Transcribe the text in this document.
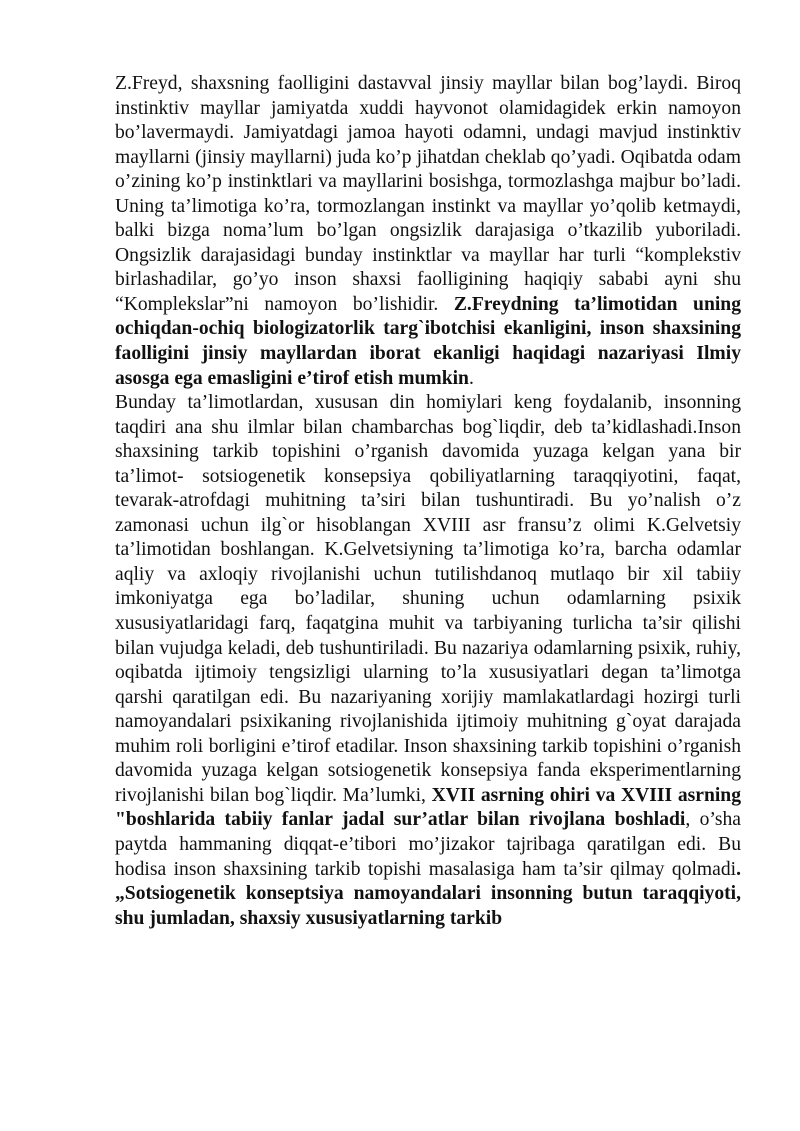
Z.Freyd, shaxsning faolligini dastavval jinsiy mayllar bilan bog’laydi. Biroq instinktiv mayllar jamiyatda xuddi hayvonot olamidagidek erkin namoyon bo’lavermaydi. Jamiyatdagi jamoa hayoti odamni, undagi mavjud instinktiv mayllarni (jinsiy mayllarni) juda ko’p jihatdan cheklab qo’yadi. Oqibatda odam o’zining ko’p instinktlari va mayllarini bosishga, tormozlashga majbur bo’ladi. Uning ta’limotiga ko’ra, tormozlangan instinkt va mayllar yo’qolib ketmaydi, balki bizga noma’lum bo’lgan ongsizlik darajasiga o’tkazilib yuboriladi. Ongsizlik darajasidagi bunday instinktlar va mayllar har turli “komplekstiv birlashadilar, go’yo inson shaxsi faolligining haqiqiy sababi ayni shu “Komplekslar”ni namoyon bo’lishidir. Z.Freydning ta’limotidan uning ochiqdan-ochiq biologizatorlik targ`ibotchisi ekanligini, inson shaxsining faolligini jinsiy mayllardan iborat ekanligi haqidagi nazariyasi Ilmiy asosga ega emasligini e’tirof etish mumkin.

Bunday ta’limotlardan, xususan din homiylari keng foydalanib, insonning taqdiri ana shu ilmlar bilan chambarchas bog`liqdir, deb ta’kidlashadi.Inson shaxsining tarkib topishini o’rganish davomida yuzaga kelgan yana bir ta’limot- sotsiogenetik konsepsiya qobiliyatlarning taraqqiyotini, faqat, tevarak-atrofdagi muhitning ta’siri bilan tushuntiradi. Bu yo’nalish o’z zamonasi uchun ilg`or hisoblangan XVIII asr fransu’z olimi K.Gelvetsiy ta’limotidan boshlangan. K.Gelvetsiyning ta’limotiga ko’ra, barcha odamlar aqliy va axloqiy rivojlanishi uchun tutilishdanoq mutlaqo bir xil tabiiy imkoniyatga ega bo’ladilar, shuning uchun odamlarning psixik xususiyatlaridagi farq, faqatgina muhit va tarbiyaning turlicha ta’sir qilishi bilan vujudga keladi, deb tushuntiriladi. Bu nazariya odamlarning psixik, ruhiy, oqibatda ijtimoiy tengsizligi ularning to’la xususiyatlari degan ta’limotga qarshi qaratilgan edi. Bu nazariyaning xorijiy mamlakatlardagi hozirgi turli namoyandalari psixikaning rivojlanishida ijtimoiy muhitning g`oyat darajada muhim roli borligini e’tirof etadilar. Inson shaxsining tarkib topishini o’rganish davomida yuzaga kelgan sotsiogenetik konsepsiya fanda eksperimentlarning rivojlanishi bilan bog`liqdir. Ma’lumki, XVII asrning ohiri va XVIII asrning "boshlarida tabiiy fanlar jadal sur’atlar bilan rivojlana boshladi, o’sha paytda hammaning diqqat-e’tibori mo’jizakor tajribaga qaratilgan edi. Bu hodisa inson shaxsining tarkib topishi masalasiga ham ta’sir qilmay qolmadi.„Sotsiogenetik konseptsiya namoyandalari insonning butun taraqqiyoti, shu jumladan, shaxsiy xususiyatlarning tarkib
